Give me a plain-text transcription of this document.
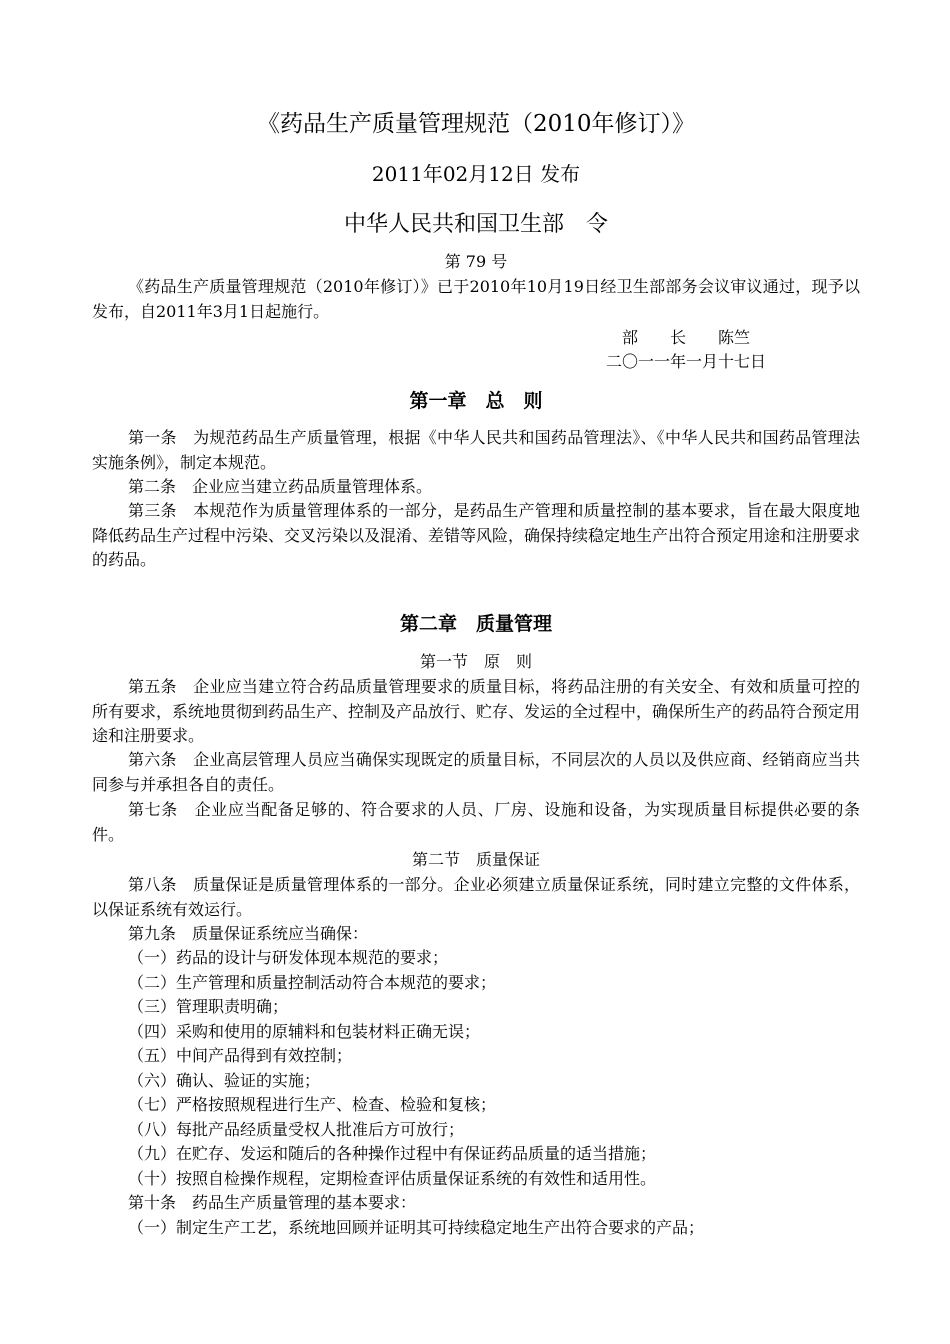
《药品生产质量管理规范（2010年修订）》
2011年02月12日 发布
中华人民共和国卫生部　令
第 79 号
《药品生产质量管理规范（2010年修订）》已于2010年10月19日经卫生部部务会议审议通过，现予以发布，自2011年3月1日起施行。
部　　长　　陈竺
二〇一一年一月十七日
第一章　总　则
第一条　为规范药品生产质量管理，根据《中华人民共和国药品管理法》、《中华人民共和国药品管理法实施条例》，制定本规范。
第二条　企业应当建立药品质量管理体系。
第三条　本规范作为质量管理体系的一部分，是药品生产管理和质量控制的基本要求，旨在最大限度地降低药品生产过程中污染、交叉污染以及混淆、差错等风险，确保持续稳定地生产出符合预定用途和注册要求的药品。
第二章　质量管理
第一节　原　则
第五条　企业应当建立符合药品质量管理要求的质量目标，将药品注册的有关安全、有效和质量可控的所有要求，系统地贯彻到药品生产、控制及产品放行、贮存、发运的全过程中，确保所生产的药品符合预定用途和注册要求。
第六条　企业高层管理人员应当确保实现既定的质量目标，不同层次的人员以及供应商、经销商应当共同参与并承担各自的责任。
第七条　企业应当配备足够的、符合要求的人员、厂房、设施和设备，为实现质量目标提供必要的条件。
第二节　质量保证
第八条　质量保证是质量管理体系的一部分。企业必须建立质量保证系统，同时建立完整的文件体系，以保证系统有效运行。
第九条　质量保证系统应当确保：
（一）药品的设计与研发体现本规范的要求；
（二）生产管理和质量控制活动符合本规范的要求；
（三）管理职责明确；
（四）采购和使用的原辅料和包装材料正确无误；
（五）中间产品得到有效控制；
（六）确认、验证的实施；
（七）严格按照规程进行生产、检查、检验和复核；
（八）每批产品经质量受权人批准后方可放行；
（九）在贮存、发运和随后的各种操作过程中有保证药品质量的适当措施；
（十）按照自检操作规程，定期检查评估质量保证系统的有效性和适用性。
第十条　药品生产质量管理的基本要求：
（一）制定生产工艺，系统地回顾并证明其可持续稳定地生产出符合要求的产品；
